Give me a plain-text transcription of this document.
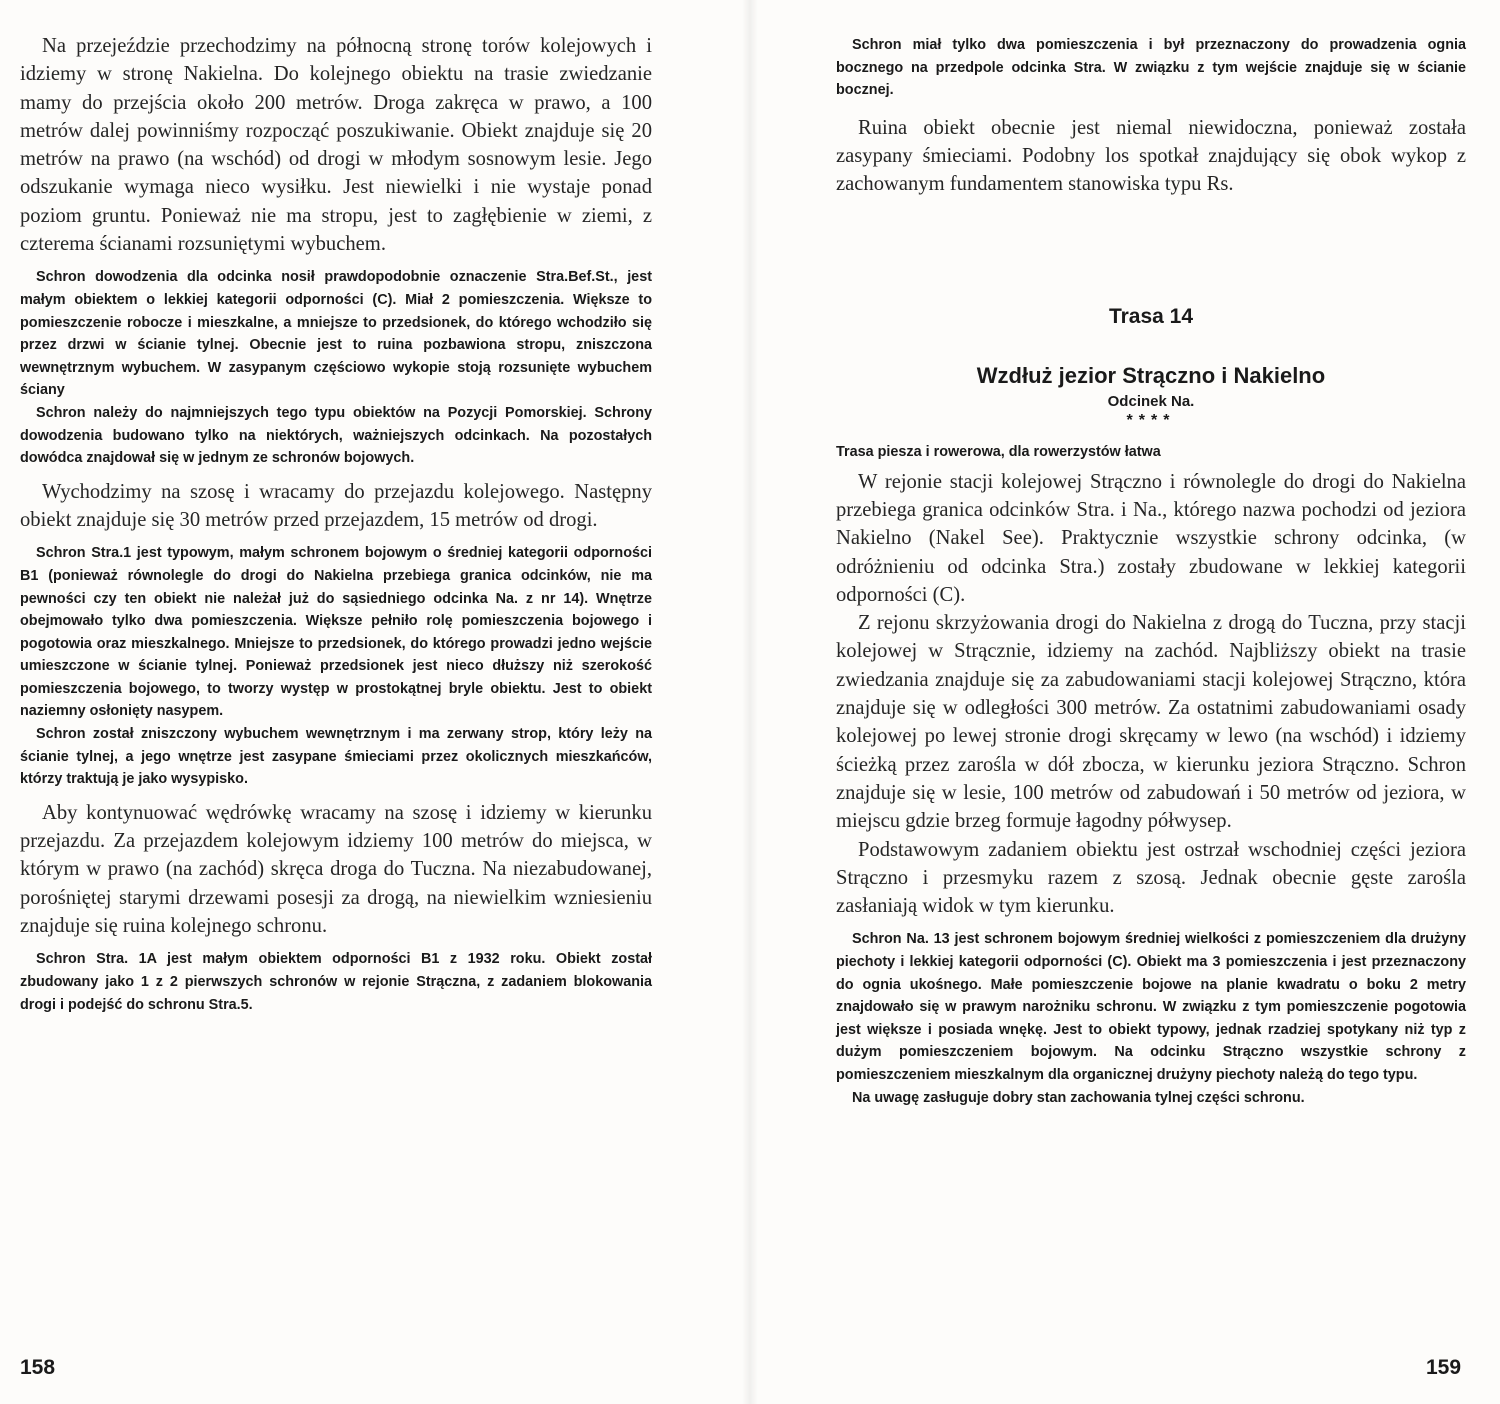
Na przejeździe przechodzimy na północną stronę torów kolejowych i idziemy w stronę Nakielna. Do kolejnego obiektu na trasie zwiedzanie mamy do przejścia około 200 metrów. Droga zakręca w prawo, a 100 metrów dalej powinniśmy rozpocząć poszukiwanie. Obiekt znajduje się 20 metrów na prawo (na wschód) od drogi w młodym sosnowym lesie. Jego odszukanie wymaga nieco wysiłku. Jest niewielki i nie wystaje ponad poziom gruntu. Ponieważ nie ma stropu, jest to zagłębienie w ziemi, z czterema ścianami rozsuniętymi wybuchem.

Schron dowodzenia dla odcinka nosił prawdopodobnie oznaczenie Stra.Bef.St., jest małym obiektem o lekkiej kategorii odporności (C). Miał 2 pomieszczenia. Większe to pomieszczenie robocze i mieszkalne, a mniejsze to przedsionek, do którego wchodziło się przez drzwi w ścianie tylnej. Obecnie jest to ruina pozbawiona stropu, zniszczona wewnętrznym wybuchem. W zasypanym częściowo wykopie stoją rozsunięte wybuchem ściany

Schron należy do najmniejszych tego typu obiektów na Pozycji Pomorskiej. Schrony dowodzenia budowano tylko na niektórych, ważniejszych odcinkach. Na pozostałych dowódca znajdował się w jednym ze schronów bojowych.

Wychodzimy na szosę i wracamy do przejazdu kolejowego. Następny obiekt znajduje się 30 metrów przed przejazdem, 15 metrów od drogi.

Schron Stra.1 jest typowym, małym schronem bojowym o średniej kategorii odporności B1 (ponieważ równolegle do drogi do Nakielna przebiega granica odcinków, nie ma pewności czy ten obiekt nie należał już do sąsiedniego odcinka Na. z nr 14). Wnętrze obejmowało tylko dwa pomieszczenia. Większe pełniło rolę pomieszczenia bojowego i pogotowia oraz mieszkalnego. Mniejsze to przedsionek, do którego prowadzi jedno wejście umieszczone w ścianie tylnej. Ponieważ przedsionek jest nieco dłuższy niż szerokość pomieszczenia bojowego, to tworzy występ w prostokątnej bryle obiektu. Jest to obiekt naziemny osłonięty nasypem.

Schron został zniszczony wybuchem wewnętrznym i ma zerwany strop, który leży na ścianie tylnej, a jego wnętrze jest zasypane śmieciami przez okolicznych mieszkańców, którzy traktują je jako wysypisko.

Aby kontynuować wędrówkę wracamy na szosę i idziemy w kierunku przejazdu. Za przejazdem kolejowym idziemy 100 metrów do miejsca, w którym w prawo (na zachód) skręca droga do Tuczna. Na niezabudowanej, porośniętej starymi drzewami posesji za drogą, na niewielkim wzniesieniu znajduje się ruina kolejnego schronu.

Schron Stra. 1A jest małym obiektem odporności B1 z 1932 roku. Obiekt został zbudowany jako 1 z 2 pierwszych schronów w rejonie Strączna, z zadaniem blokowania drogi i podejść do schronu Stra.5.

158

Schron miał tylko dwa pomieszczenia i był przeznaczony do prowadzenia ognia bocznego na przedpole odcinka Stra. W związku z tym wejście znajduje się w ścianie bocznej.

Ruina obiekt obecnie jest niemal niewidoczna, ponieważ została zasypany śmieciami. Podobny los spotkał znajdujący się obok wykop z zachowanym fundamentem stanowiska typu Rs.

Trasa 14
Wzdłuż jezior Strączno i Nakielno
Odcinek Na.
****
Trasa piesza i rowerowa, dla rowerzystów łatwa

W rejonie stacji kolejowej Strączno i równolegle do drogi do Nakielna przebiega granica odcinków Stra. i Na., którego nazwa pochodzi od jeziora Nakielno (Nakel See). Praktycznie wszystkie schrony odcinka, (w odróżnieniu od odcinka Stra.) zostały zbudowane w lekkiej kategorii odporności (C).

Z rejonu skrzyżowania drogi do Nakielna z drogą do Tuczna, przy stacji kolejowej w Strącznie, idziemy na zachód. Najbliższy obiekt na trasie zwiedzania znajduje się za zabudowaniami stacji kolejowej Strączno, która znajduje się w odległości 300 metrów. Za ostatnimi zabudowaniami osady kolejowej po lewej stronie drogi skręcamy w lewo (na wschód) i idziemy ścieżką przez zarośla w dół zbocza, w kierunku jeziora Strączno. Schron znajduje się w lesie, 100 metrów od zabudowań i 50 metrów od jeziora, w miejscu gdzie brzeg formuje łagodny półwysep.

Podstawowym zadaniem obiektu jest ostrzał wschodniej części jeziora Strączno i przesmyku razem z szosą. Jednak obecnie gęste zarośla zasłaniają widok w tym kierunku.

Schron Na. 13 jest schronem bojowym średniej wielkości z pomieszczeniem dla drużyny piechoty i lekkiej kategorii odporności (C). Obiekt ma 3 pomieszczenia i jest przeznaczony do ognia ukośnego. Małe pomieszczenie bojowe na planie kwadratu o boku 2 metry znajdowało się w prawym narożniku schronu. W związku z tym pomieszczenie pogotowia jest większe i posiada wnękę. Jest to obiekt typowy, jednak rzadziej spotykany niż typ z dużym pomieszczeniem bojowym. Na odcinku Strączno wszystkie schrony z pomieszczeniem mieszkalnym dla organicznej drużyny piechoty należą do tego typu.

Na uwagę zasługuje dobry stan zachowania tylnej części schronu.

159
